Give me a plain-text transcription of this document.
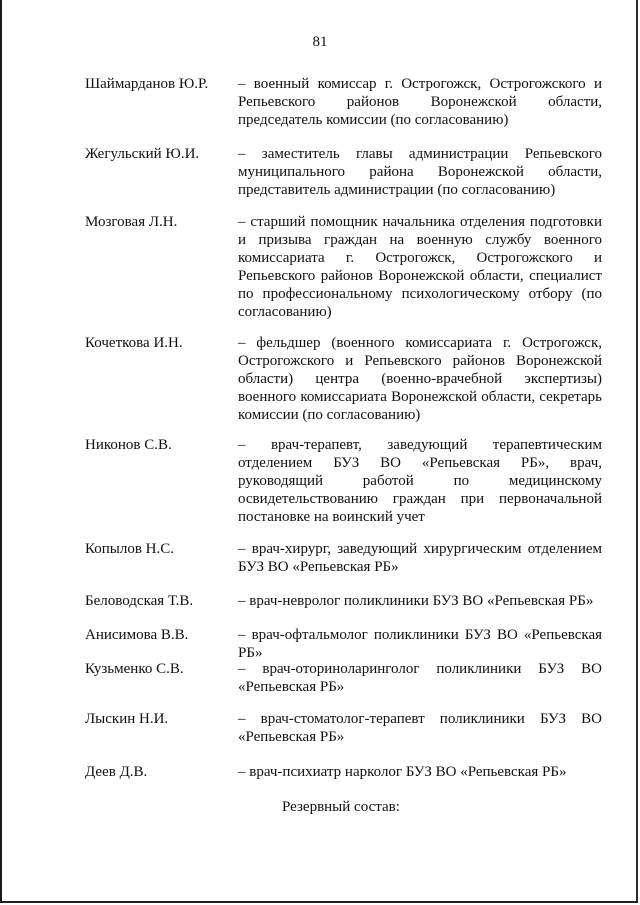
81
Шаймарданов Ю.Р.	– военный комиссар г. Острогожск, Острогожского и Репьевского районов Воронежской области, председатель комиссии (по согласованию)
Жегульский Ю.И.	– заместитель главы администрации Репьевского муниципального района Воронежской области, представитель администрации (по согласованию)
Мозговая Л.Н.	– старший помощник начальника отделения подготовки и призыва граждан на военную службу военного комиссариата г. Острогожск, Острогожского и Репьевского районов Воронежской области, специалист по профессиональному психологическому отбору (по согласованию)
Кочеткова И.Н.	– фельдшер (военного комиссариата г. Острогожск, Острогожского и Репьевского районов Воронежской области) центра (военно-врачебной экспертизы) военного комиссариата Воронежской области, секретарь комиссии (по согласованию)
Никонов С.В.	– врач-терапевт, заведующий терапевтическим отделением БУЗ ВО «Репьевская РБ», врач, руководящий работой по медицинскому освидетельствованию граждан при первоначальной постановке на воинский учет
Копылов Н.С.	– врач-хирург, заведующий хирургическим отделением БУЗ ВО «Репьевская РБ»
Беловодская Т.В.	– врач-невролог поликлиники БУЗ ВО «Репьевская РБ»
Анисимова В.В.	– врач-офтальмолог поликлиники БУЗ ВО «Репьевская РБ»
Кузьменко С.В.	– врач-оториноларинголог поликлиники БУЗ ВО «Репьевская РБ»
Лыскин Н.И.	– врач-стоматолог-терапевт поликлиники БУЗ ВО «Репьевская РБ»
Деев Д.В.	– врач-психиатр нарколог БУЗ ВО «Репьевская РБ»
Резервный состав:
